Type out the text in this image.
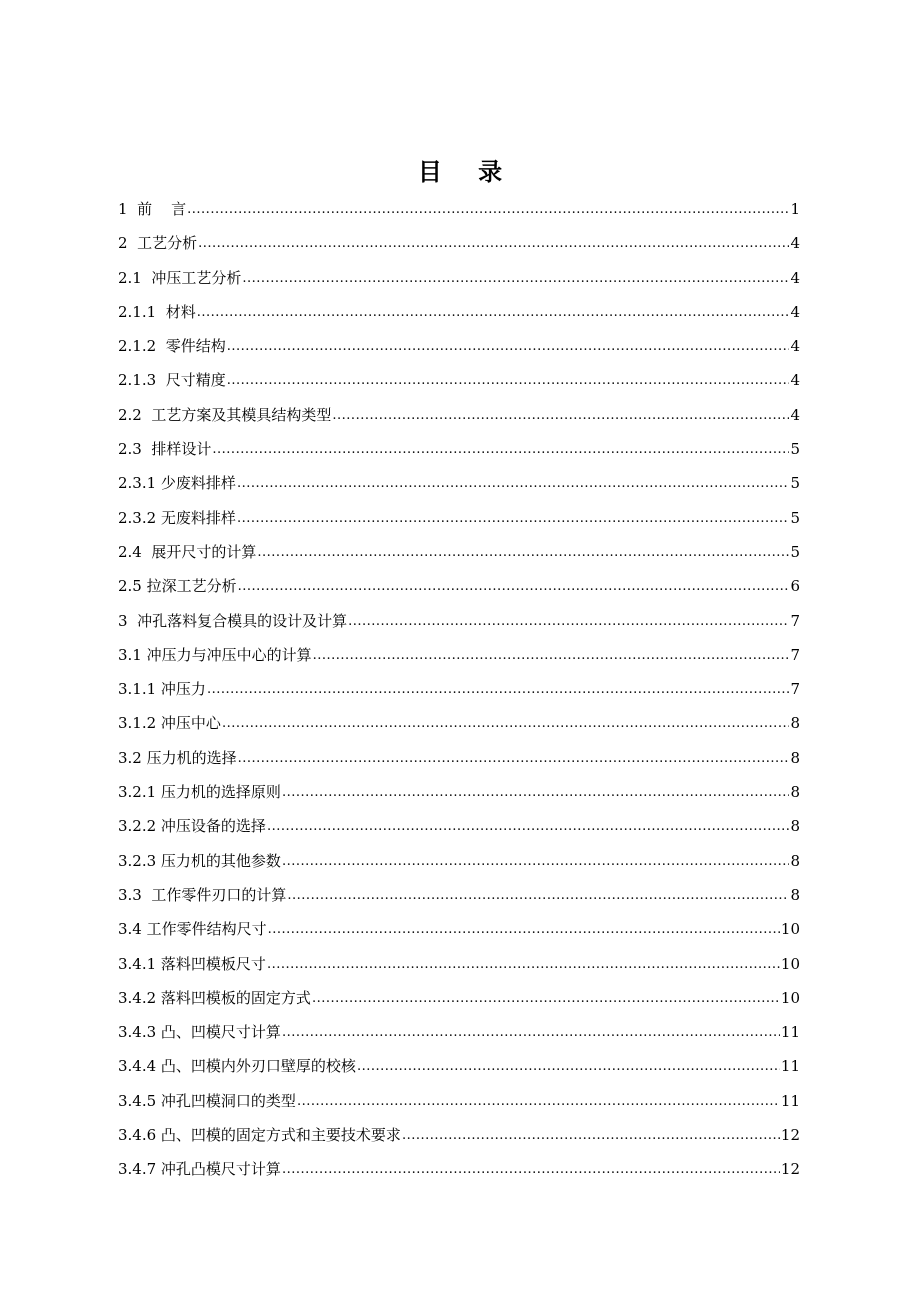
目 录
1  前    言 .....	1
2  工艺分析 .....	4
2.1  冲压工艺分析 .....	4
2.1.1  材料 .....	4
2.1.2  零件结构 .....	4
2.1.3  尺寸精度 .....	4
2.2  工艺方案及其模具结构类型 .....	4
2.3  排样设计 .....	5
2.3.1 少废料排样 .....	5
2.3.2 无废料排样 .....	5
2.4  展开尺寸的计算 .....	5
2.5 拉深工艺分析 .....	6
3  冲孔落料复合模具的设计及计算 .....	7
3.1 冲压力与冲压中心的计算 .....	7
3.1.1 冲压力 .....	7
3.1.2 冲压中心 .....	8
3.2 压力机的选择 .....	8
3.2.1 压力机的选择原则 .....	8
3.2.2 冲压设备的选择 .....	8
3.2.3 压力机的其他参数 .....	8
3.3  工作零件刃口的计算 .....	8
3.4 工作零件结构尺寸 .....	10
3.4.1 落料凹模板尺寸 .....	10
3.4.2 落料凹模板的固定方式 .....	10
3.4.3 凸、凹模尺寸计算 .....	11
3.4.4 凸、凹模内外刃口壁厚的校核 .....	11
3.4.5 冲孔凹模洞口的类型 .....	11
3.4.6 凸、凹模的固定方式和主要技术要求 .....	12
3.4.7 冲孔凸模尺寸计算 .....	12
